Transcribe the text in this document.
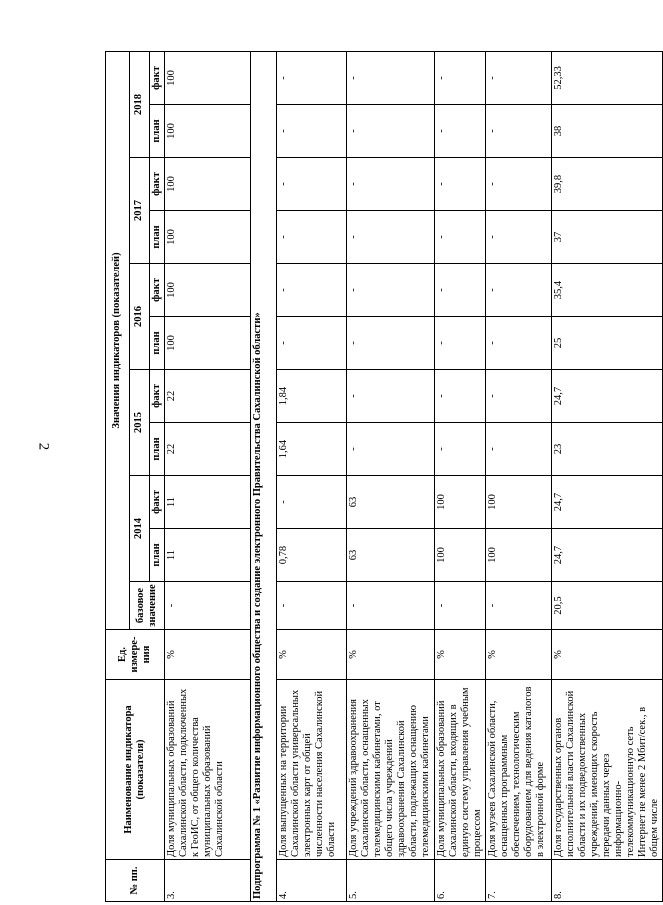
2
№ пп.	Наименование индикатора (показателя)	Ед. измере-ния	Значения индикаторов (показателей)										
			базовое значение	2014		2015		2016		2017		2018	
				план	факт	план	факт	план	факт	план	факт	план	факт
3.	Доля муниципальных образований Сахалинской области, подключенных к ГеоИС, от общего количества муниципальных образований Сахалинской области	%	-	11	11	22	22	100	100	100	100	100	100
Подпрограмма № 1 «Развитие информационного общества и создание электронного Правительства Сахалинской области»													
4.	Доля выпущенных на территории Сахалинской области универсальных электронных карт от общей численности населения Сахалинской области	%	-	0,78	-	1,64	1,84	-	-	-	-	-	-
5.	Доля учреждений здравоохранения Сахалинской области, оснащенных телемедицинскими кабинетами, от общего числа учреждений здравоохранения Сахалинской области, подлежащих оснащению телемедицинскими кабинетами	%	-	63	63	-	-	-	-	-	-	-	-
6.	Доля муниципальных образований Сахалинской области, входящих в единую систему управления учебным процессом	%	-	100	100	-	-	-	-	-	-	-	-
7.	Доля музеев Сахалинской области, оснащенных программным обеспечением, технологическим оборудованием для ведения каталогов в электронной форме	%	-	100	100	-	-	-	-	-	-	-	-
8.	Доля государственных органов исполнительной власти Сахалинской области и их подведомственных учреждений, имеющих скорость передачи данных через информационно-телекоммуникационную сеть Интернет не менее 2 Мбит/сек., в общем числе	%	20,5	24,7	24,7	23	24,7	25	35,4	37	39,8	38	52,33
